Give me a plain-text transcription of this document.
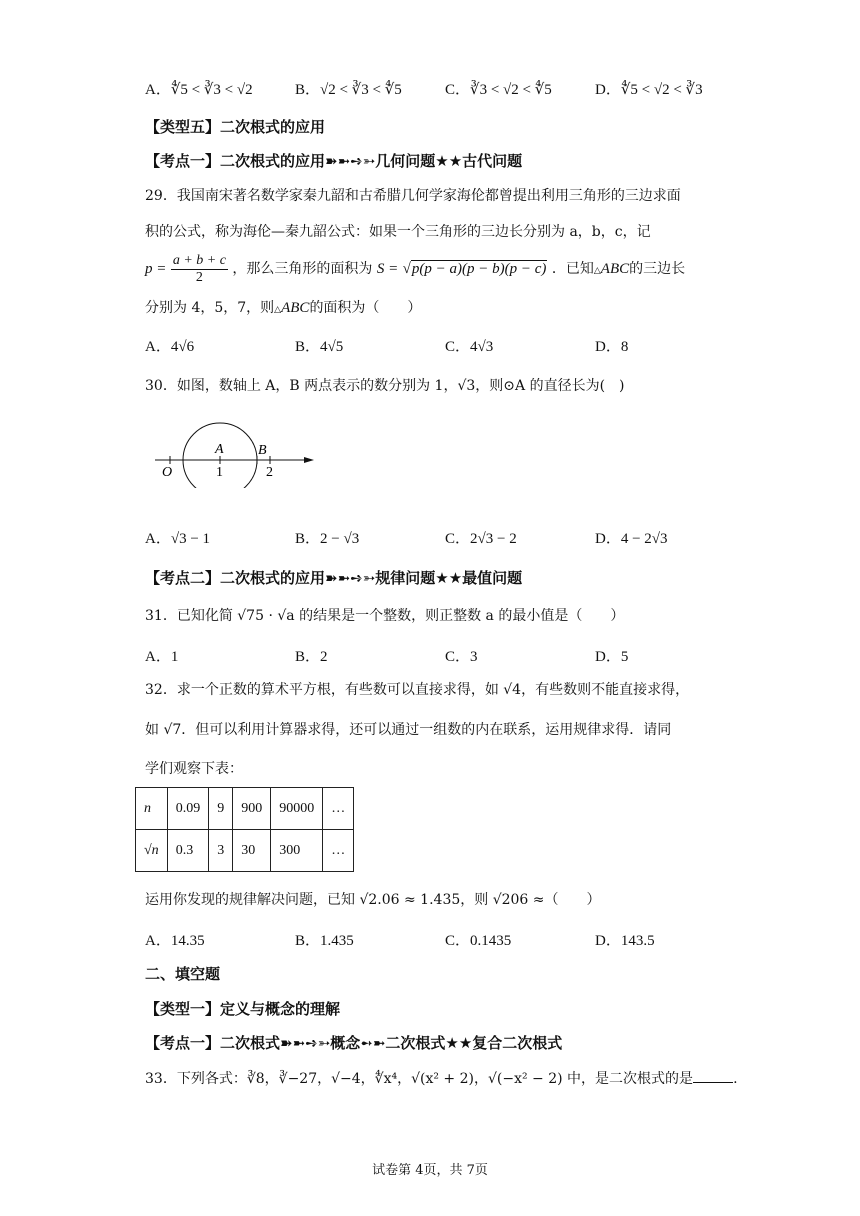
A．∜5 < ∛3 < √2	B．√2 < ∛3 < ∜5	C．∛3 < √2 < ∜5	D．∜5 < √2 < ∛3
【类型五】二次根式的应用
【考点一】二次根式的应用➽➼➺➳几何问题★★古代问题
29．我国南宋著名数学家秦九韶和古希腊几何学家海伦都曾提出利用三角形的三边求面
积的公式，称为海伦—秦九韶公式：如果一个三角形的三边长分别为 a，b，c，记
$p = \frac{a + b + c}{2}$ ，那么三角形的面积为 S = √p(p − a)(p − b)(p − c) ．已知△ABC的三边长
分别为 4，5，7，则△ABC的面积为（　　）
A．4√6	B．4√5	C．4√3	D．8
30．如图，数轴上 A，B 两点表示的数分别为 1，√3，则⊙A 的直径长为(　)
O
A B
1	2
A．√3 − 1	B．2 − √3	C．2√3 − 2	D．4 − 2√3
【考点二】二次根式的应用➽➼➺➳规律问题★★最值问题
31．已知化简 √75 · √a 的结果是一个整数，则正整数 a 的最小值是（　　）
A．1	B．2	C．3	D．5
32．求一个正数的算术平方根，有些数可以直接求得，如 √4，有些数则不能直接求得，
如 √7．但可以利用计算器求得，还可以通过一组数的内在联系，运用规律求得．请同
学们观察下表：
n	0.09	9	900	90000	…
√n	0.3	3	30	300	…
运用你发现的规律解决问题，已知 √2.06 ≈ 1.435，则 √206 ≈（　　）
A．14.35	B．1.435	C．0.1435	D．143.5
二、填空题
【类型一】定义与概念的理解
【考点一】二次根式➽➼➺➳概念➻➼二次根式★★复合二次根式
33．下列各式：∛8，∛−27，√−4，∜x⁴，√(x² + 2)，√(−x² − 2) 中，是二次根式的是	.
试卷第 4页，共 7页
